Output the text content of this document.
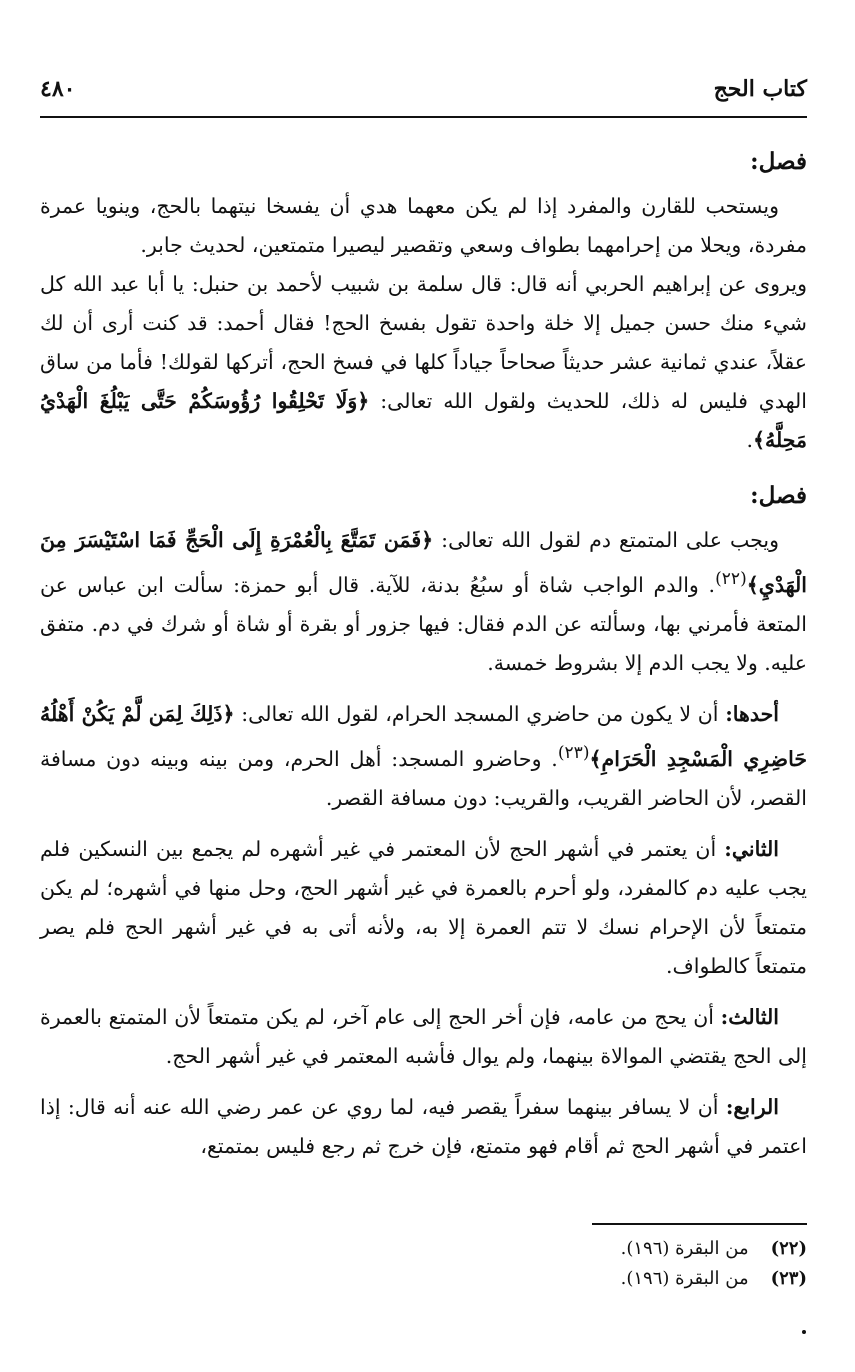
كتاب الحج
٤٨٠
فصل:

ويستحب للقارن والمفرد إذا لم يكن معهما هدي أن يفسخا نيتهما بالحج، وينويا عمرة مفردة، ويحلا من إحرامهما بطواف وسعي وتقصير ليصيرا متمتعين، لحديث جابر.

ويروى عن إبراهيم الحربي أنه قال: قال سلمة بن شبيب لأحمد بن حنبل: يا أبا عبد الله كل شيء منك حسن جميل إلا خلة واحدة تقول بفسخ الحج! فقال أحمد: قد كنت أرى أن لك عقلاً، عندي ثمانية عشر حديثاً صحاحاً جياداً كلها في فسخ الحج، أتركها لقولك! فأما من ساق الهدي فليس له ذلك، للحديث ولقول الله تعالى: ﴿وَلَا تَحْلِقُوا رُؤُوسَكُمْ حَتَّى يَبْلُغَ الْهَدْيُ مَحِلَّهُ﴾.

فصل:

ويجب على المتمتع دم لقول الله تعالى: ﴿فَمَن تَمَتَّعَ بِالْعُمْرَةِ إِلَى الْحَجِّ فَمَا اسْتَيْسَرَ مِنَ الْهَدْيِ﴾$^{(٢٢)}$. والدم الواجب شاة أو سبُعُ بدنة، للآية. قال أبو حمزة: سألت ابن عباس عن المتعة فأمرني بها، وسألته عن الدم فقال: فيها جزور أو بقرة أو شاة أو شرك في دم. متفق عليه. ولا يجب الدم إلا بشروط خمسة.

أحدها: أن لا يكون من حاضري المسجد الحرام، لقول الله تعالى: ﴿ذَلِكَ لِمَن لَّمْ يَكُنْ أَهْلُهُ حَاضِرِي الْمَسْجِدِ الْحَرَامِ﴾$^{(٢٣)}$. وحاضرو المسجد: أهل الحرم، ومن بينه وبينه دون مسافة القصر، لأن الحاضر القريب، والقريب: دون مسافة القصر.

الثاني: أن يعتمر في أشهر الحج لأن المعتمر في غير أشهره لم يجمع بين النسكين فلم يجب عليه دم كالمفرد، ولو أحرم بالعمرة في غير أشهر الحج، وحل منها في أشهره؛ لم يكن متمتعاً لأن الإحرام نسك لا تتم العمرة إلا به، ولأنه أتى به في غير أشهر الحج فلم يصر متمتعاً كالطواف.

الثالث: أن يحج من عامه، فإن أخر الحج إلى عام آخر، لم يكن متمتعاً لأن المتمتع بالعمرة إلى الحج يقتضي الموالاة بينهما، ولم يوال فأشبه المعتمر في غير أشهر الحج.

الرابع: أن لا يسافر بينهما سفراً يقصر فيه، لما روي عن عمر رضي الله عنه أنه قال: إذا اعتمر في أشهر الحج ثم أقام فهو متمتع، فإن خرج ثم رجع فليس بمتمتع،

(٢٢)
من البقرة (١٩٦).
(٢٣)
من البقرة (١٩٦).
